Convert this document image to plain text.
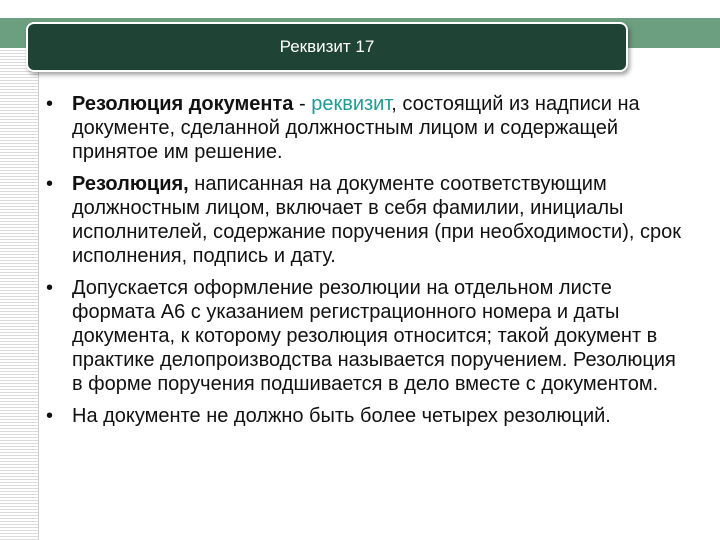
Реквизит 17
• Резолюция документа - реквизит, состоящий из надписи на документе, сделанной должностным лицом и содержащей принятое им решение.
• Резолюция, написанная на документе соответствующим должностным лицом, включает в себя фамилии, инициалы исполнителей, содержание поручения (при необходимости), срок исполнения, подпись и дату.
• Допускается оформление резолюции на отдельном листе формата А6 с указанием регистрационного номера и даты документа, к которому резолюция относится; такой документ в практике делопроизводства называется поручением. Резолюция в форме поручения подшивается в дело вместе с документом.
• На документе не должно быть более четырех резолюций.
